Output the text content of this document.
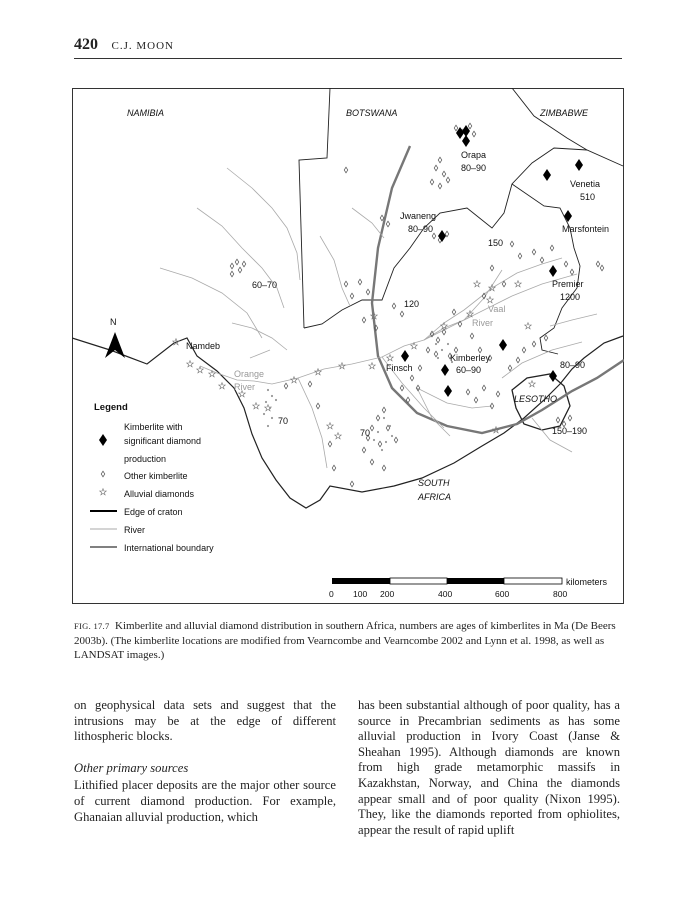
420 C.J. MOON
N
NAMIBIA	BOTSWANA	ZIMBABWE
SOUTH
AFRICA
LESOTHO
Orapa
80–90
Venetia
510
Jwaneng
80–90	Marsfontein
Premier
1200
Kimberley
60–90
Finsch
Namdeb
Vaal
River
Orange
River
150
120
60–70
70
70
80–90
150–190
Legend
Kimberlite with
significant diamond
production
Other kimberlite
Alluvial diamonds
Edge of craton
River
International boundary
kilometers
0 100 200	400	600	800
FIG. 17.7 Kimberlite and alluvial diamond distribution in southern Africa, numbers are ages of kimberlites in Ma (De Beers 2003b). (The kimberlite locations are modified from Vearncombe and Vearncombe 2002 and Lynn et al. 1998, as well as LANDSAT images.)

on geophysical data sets and suggest that the intrusions may be at the edge of different lithospheric blocks.

Other primary sources

Lithified placer deposits are the major other source of current diamond production. For example, Ghanaian alluvial production, which

has been substantial although of poor quality, has a source in Precambrian sediments as has some alluvial production in Ivory Coast (Janse & Sheahan 1995). Although diamonds are known from high grade metamorphic massifs in Kazakhstan, Norway, and China the diamonds appear small and of poor quality (Nixon 1995). They, like the diamonds reported from ophiolites, appear the result of rapid uplift
